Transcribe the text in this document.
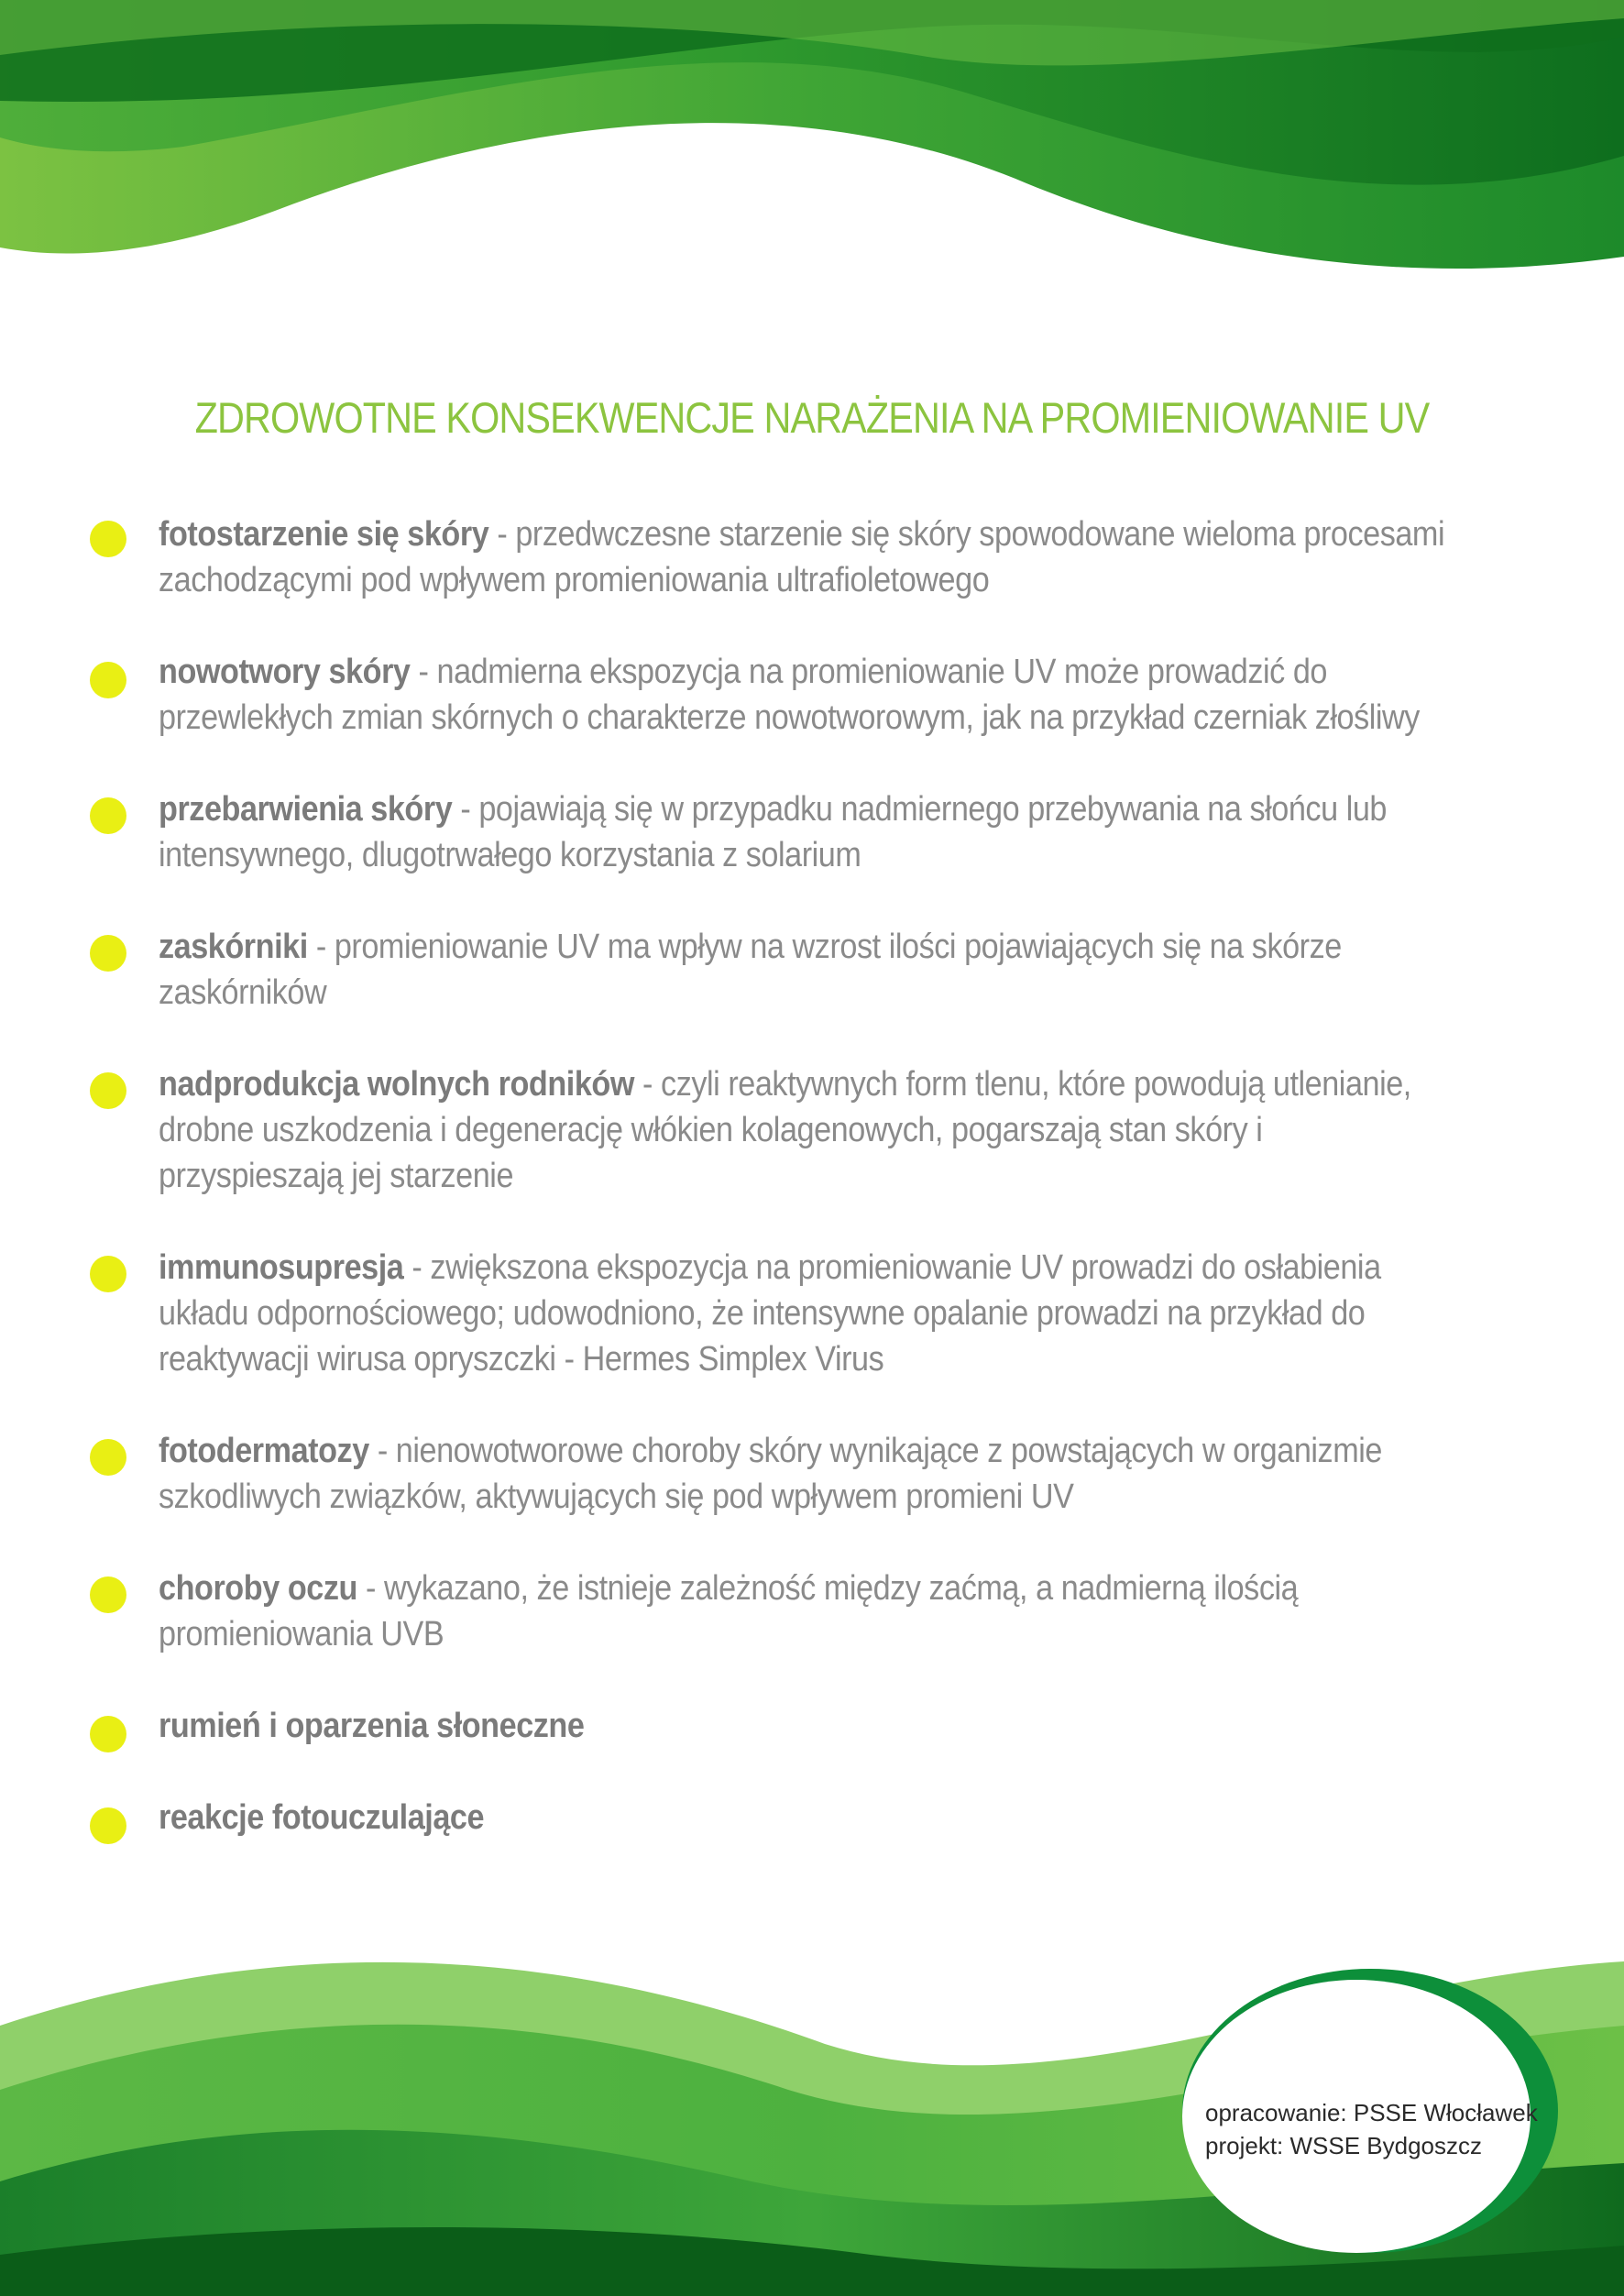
ZDROWOTNE KONSEKWENCJE NARAŻENIA NA PROMIENIOWANIE UV
fotostarzenie się skóry - przedwczesne starzenie się skóry spowodowane wieloma procesami zachodzącymi pod wpływem promieniowania ultrafioletowego
nowotwory skóry - nadmierna ekspozycja na promieniowanie UV może prowadzić do przewlekłych zmian skórnych o charakterze nowotworowym, jak na przykład czerniak złośliwy
przebarwienia skóry - pojawiają się w przypadku nadmiernego przebywania na słońcu lub intensywnego, dlugotrwałego korzystania z solarium
zaskórniki - promieniowanie UV ma wpływ na wzrost ilości pojawiających się na skórze zaskórników
nadprodukcja wolnych rodników - czyli reaktywnych form tlenu, które powodują utlenianie, drobne uszkodzenia i degenerację włókien kolagenowych, pogarszają stan skóry i przyspieszają jej starzenie
immunosupresja - zwiększona ekspozycja na promieniowanie UV prowadzi do osłabienia układu odpornościowego; udowodniono, że intensywne opalanie prowadzi na przykład do reaktywacji wirusa opryszczki - Hermes Simplex Virus
fotodermatozy - nienowotworowe choroby skóry wynikające z powstających w organizmie szkodliwych związków, aktywujących się pod wpływem promieni UV
choroby oczu - wykazano, że istnieje zależność między zaćmą, a nadmierną ilością promieniowania UVB
rumień i oparzenia słoneczne
reakcje fotouczulające
opracowanie: PSSE Włocławek
projekt: WSSE Bydgoszcz
